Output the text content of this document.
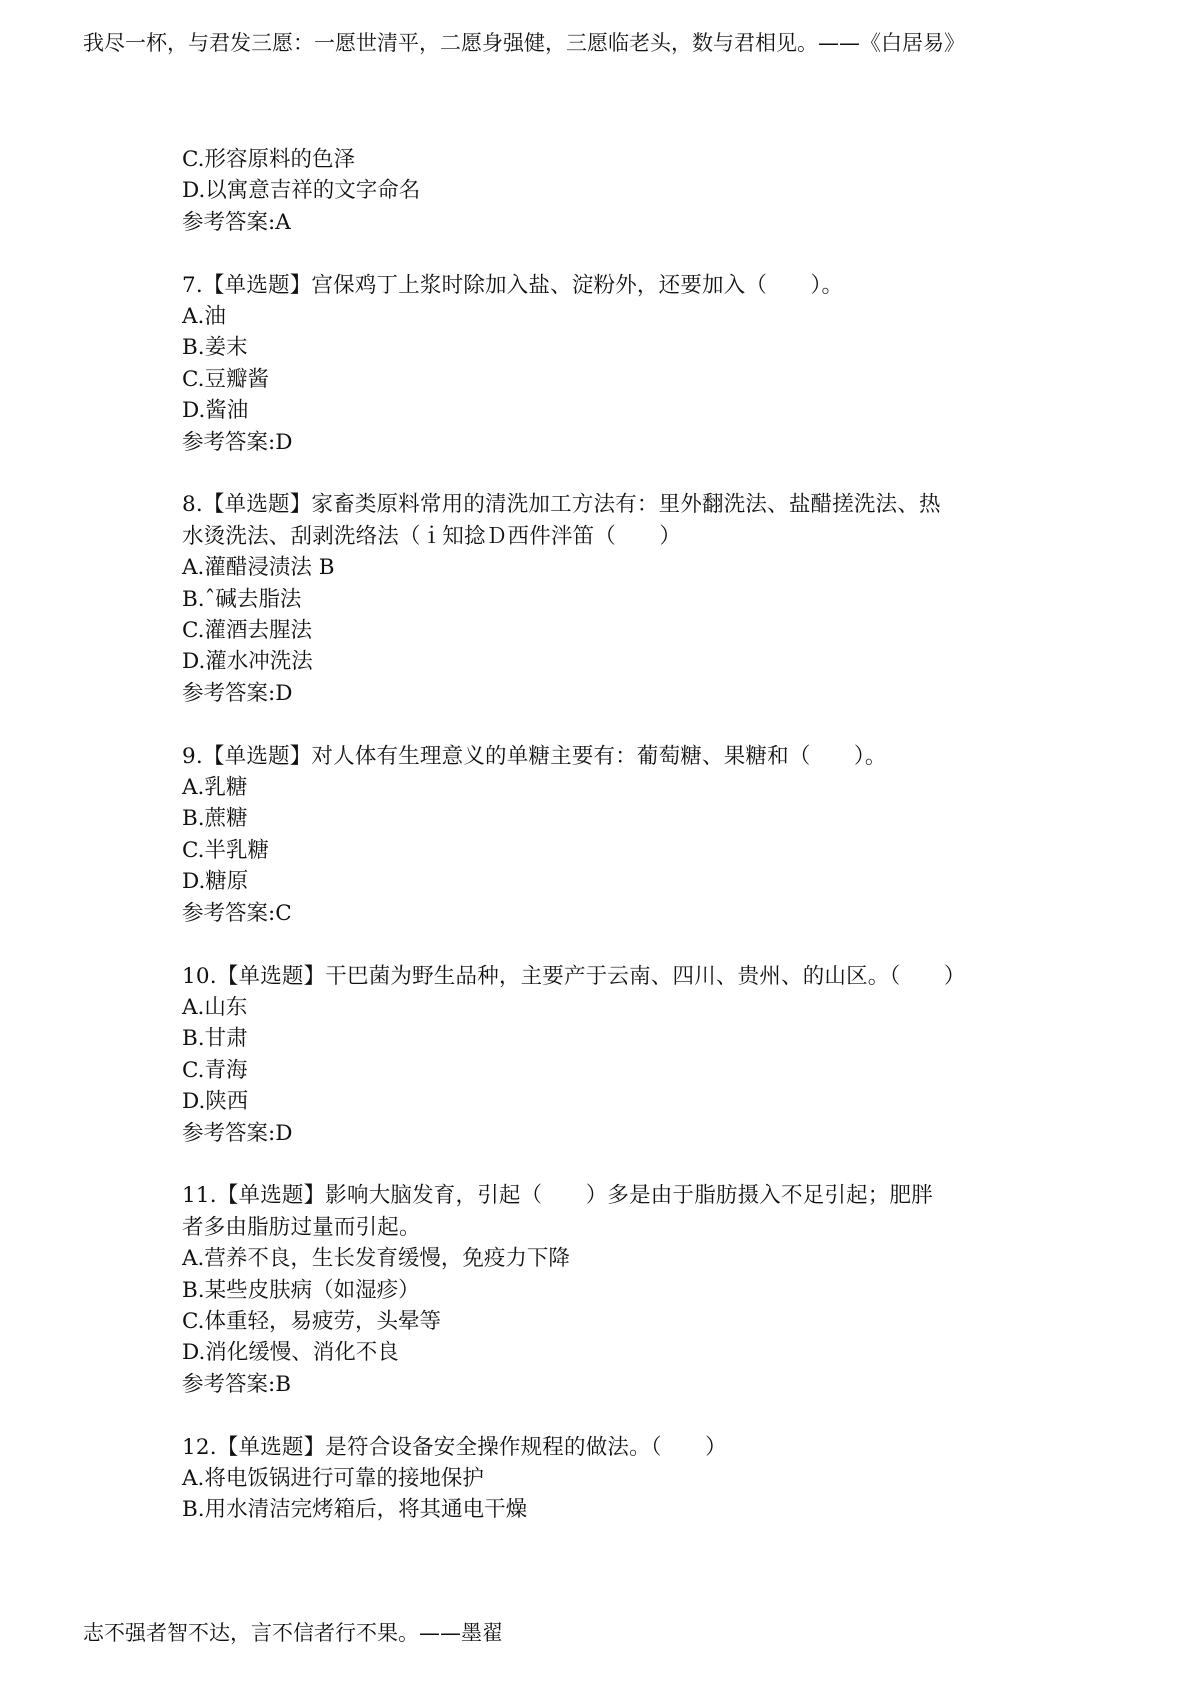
我尽一杯，与君发三愿：一愿世清平，二愿身强健，三愿临老头，数与君相见。——《白居易》
C.形容原料的色泽
D.以寓意吉祥的文字命名
参考答案:A
7.【单选题】宫保鸡丁上浆时除加入盐、淀粉外，还要加入（　　）。
A.油
B.姜末
C.豆瓣酱
D.酱油
参考答案:D
8.【单选题】家畜类原料常用的清洗加工方法有：里外翻洗法、盐醋搓洗法、热
水烫洗法、刮剥洗络法（ｉ知捻Ｄ西件泮笛（　　）
A.灌醋浸渍法 B
B.ˆ碱去脂法
C.灌酒去腥法
D.灌水冲洗法
参考答案:D
9.【单选题】对人体有生理意义的单糖主要有：葡萄糖、果糖和（　　）。
A.乳糖
B.蔗糖
C.半乳糖
D.糖原
参考答案:C
10.【单选题】干巴菌为野生品种，主要产于云南、四川、贵州、的山区。（　　）
A.山东
B.甘肃
C.青海
D.陕西
参考答案:D
11.【单选题】影响大脑发育，引起（　　）多是由于脂肪摄入不足引起；肥胖
者多由脂肪过量而引起。
A.营养不良，生长发育缓慢，免疫力下降
B.某些皮肤病（如湿疹）
C.体重轻，易疲劳，头晕等
D.消化缓慢、消化不良
参考答案:B
12.【单选题】是符合设备安全操作规程的做法。（　　）
A.将电饭锅进行可靠的接地保护
B.用水清洁完烤箱后，将其通电干燥
志不强者智不达，言不信者行不果。——墨翟
